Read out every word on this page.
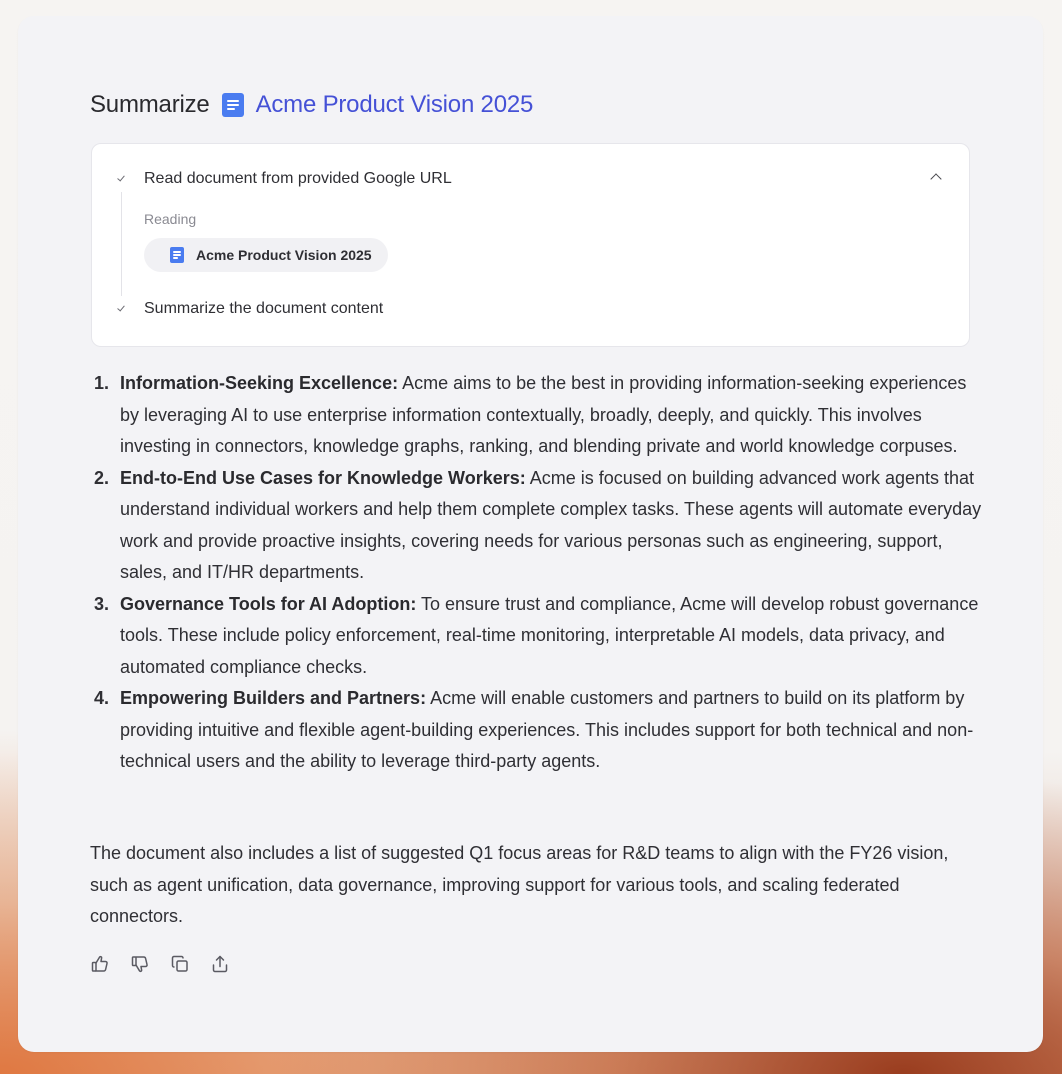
Summarize Acme Product Vision 2025
Read document from provided Google URL
Reading
Acme Product Vision 2025
Summarize the document content
1. Information-Seeking Excellence: Acme aims to be the best in providing information-seeking experiences by leveraging AI to use enterprise information contextually, broadly, deeply, and quickly. This involves investing in connectors, knowledge graphs, ranking, and blending private and world knowledge corpuses.
2. End-to-End Use Cases for Knowledge Workers: Acme is focused on building advanced work agents that understand individual workers and help them complete complex tasks. These agents will automate everyday work and provide proactive insights, covering needs for various personas such as engineering, support, sales, and IT/HR departments.
3. Governance Tools for AI Adoption: To ensure trust and compliance, Acme will develop robust governance tools. These include policy enforcement, real-time monitoring, interpretable AI models, data privacy, and automated compliance checks.
4. Empowering Builders and Partners: Acme will enable customers and partners to build on its platform by providing intuitive and flexible agent-building experiences. This includes support for both technical and non-technical users and the ability to leverage third-party agents.

The document also includes a list of suggested Q1 focus areas for R&D teams to align with the FY26 vision, such as agent unification, data governance, improving support for various tools, and scaling federated connectors.
